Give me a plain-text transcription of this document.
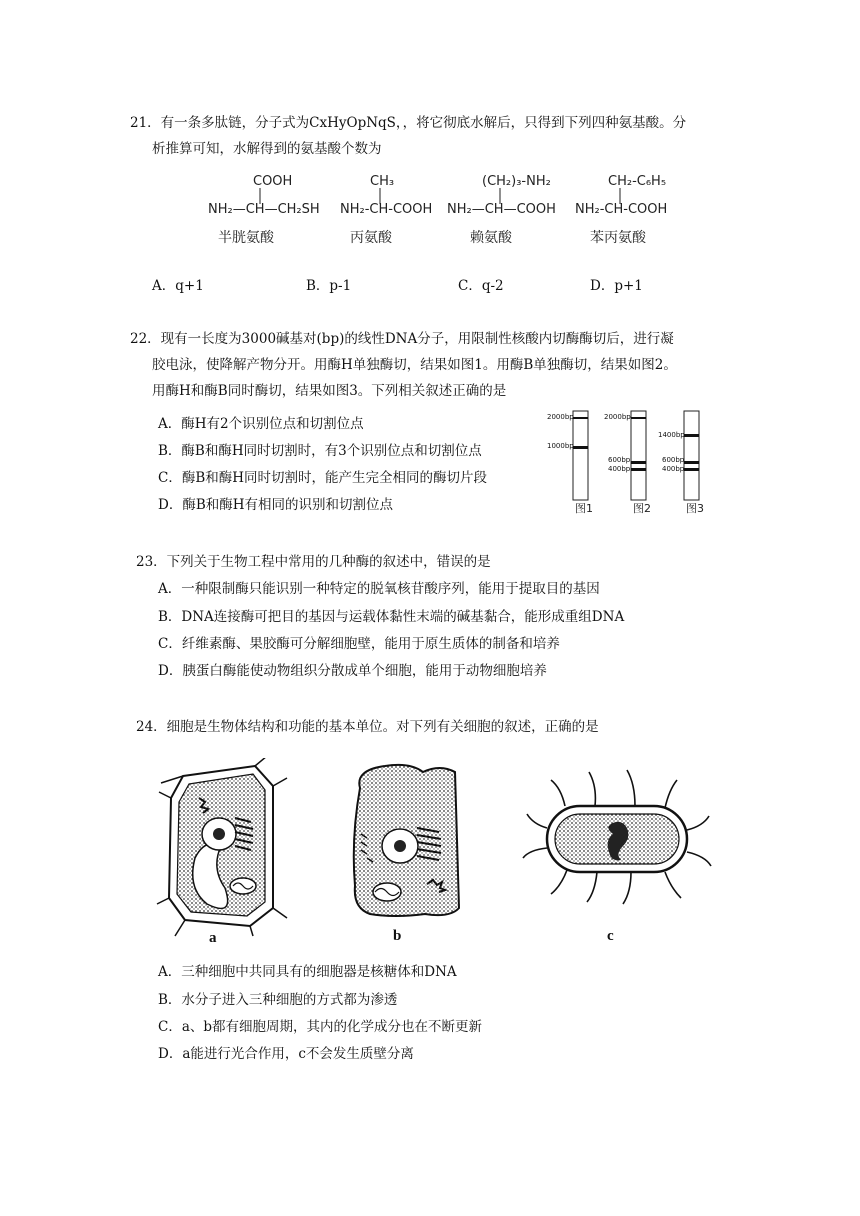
21．有一条多肽链，分子式为CxHyOpNqS，，将它彻底水解后，只得到下列四种氨基酸。分
析推算可知，水解得到的氨基酸个数为
COOH
NH₂—CH—CH₂SH
半胱氨酸
CH₃
NH₂-CH-COOH
丙氨酸
(CH₂)₃-NH₂
NH₂—CH—COOH
赖氨酸
CH₂-C₆H₅
NH₂-CH-COOH
苯丙氨酸
A．q+1	B．p-1	C．q-2	D．p+1
22．现有一长度为3000碱基对(bp)的线性DNA分子，用限制性核酸内切酶酶切后，进行凝
胶电泳，使降解产物分开。用酶H单独酶切，结果如图1。用酶B单独酶切，结果如图2。
用酶H和酶B同时酶切，结果如图3。下列相关叙述正确的是
A．酶H有2个识别位点和切割位点
B．酶B和酶H同时切割时，有3个识别位点和切割位点
C．酶B和酶H同时切割时，能产生完全相同的酶切片段
D．酶B和酶H有相同的识别和切割位点
2000bp
1000bp
2000bp
600bp
400bp
1400bp
600bp
400bp
图1	图2	图3
23．下列关于生物工程中常用的几种酶的叙述中，错误的是
A．一种限制酶只能识别一种特定的脱氧核苷酸序列，能用于提取目的基因
B．DNA连接酶可把目的基因与运载体黏性末端的碱基黏合，能形成重组DNA
C．纤维素酶、果胶酶可分解细胞壁，能用于原生质体的制备和培养
D．胰蛋白酶能使动物组织分散成单个细胞，能用于动物细胞培养
24．细胞是生物体结构和功能的基本单位。对下列有关细胞的叙述，正确的是
a	b	c
A．三种细胞中共同具有的细胞器是核糖体和DNA
B．水分子进入三种细胞的方式都为渗透
C．a、b都有细胞周期，其内的化学成分也在不断更新
D．a能进行光合作用，c不会发生质壁分离
